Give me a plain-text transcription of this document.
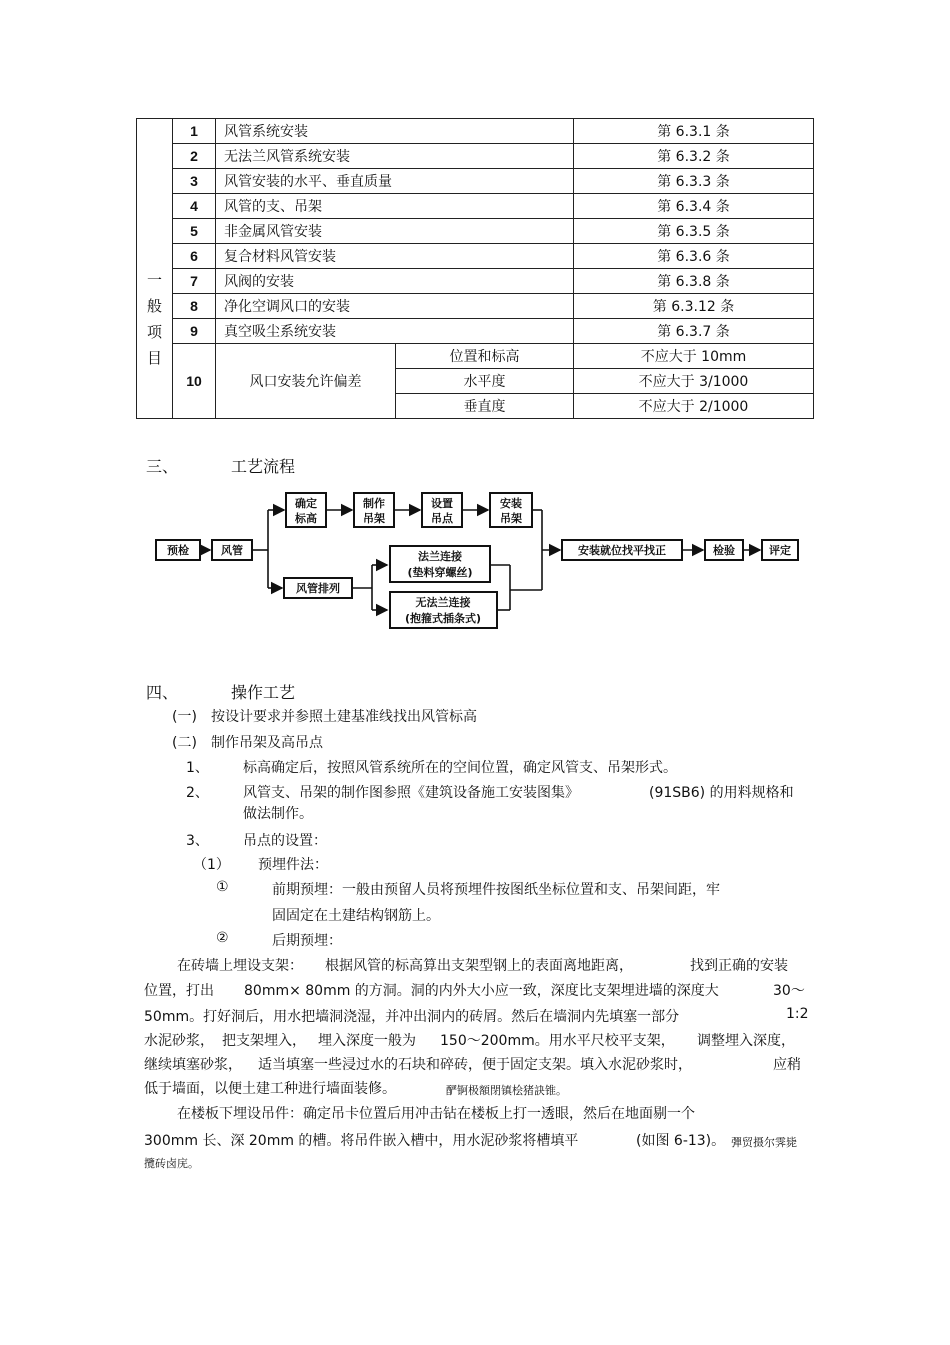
一
般
项
目	1	风管系统安装		第 6.3.1 条
	2	无法兰风管系统安装		第 6.3.2 条
	3	风管安装的水平、垂直质量		第 6.3.3 条
	4	风管的支、吊架		第 6.3.4 条
	5	非金属风管安装		第 6.3.5 条
	6	复合材料风管安装		第 6.3.6 条
	7	风阀的安装		第 6.3.8 条
	8	净化空调风口的安装		第 6.3.12 条
	9	真空吸尘系统安装		第 6.3.7 条
	10	风口安装允许偏差	位置和标高	不应大于 10mm
			水平度	不应大于 3/1000
			垂直度	不应大于 2/1000
三、	工艺流程
预检	风管
确定
标高
制作
吊架
设置
吊点
安装
吊架
风管排列
法兰连接
(垫料穿螺丝)
无法兰连接
(抱箍式插条式)
安装就位找平找正	检验	评定
四、	操作工艺
(一) 按设计要求并参照土建基准线找出风管标高
(二) 制作吊架及高吊点
1、 标高确定后，按照风管系统所在的空间位置，确定风管支、吊架形式。
2、 风管支、吊架的制作图参照《建筑设备施工安装图集》	(91SB6) 的用料规格和
做法制作。
3、 吊点的设置：
（1） 预埋件法：
①	前期预埋：一般由预留人员将预埋件按图纸坐标位置和支、吊架间距，牢
固固定在土建结构钢筋上。
②	后期预埋：
在砖墙上埋设支架： 根据风管的标高算出支架型钢上的表面离地距离，	找到正确的安装
位置，打出 80mm× 80mm 的方洞。洞的内外大小应一致，深度比支架埋进墙的深度大	30～
50mm。打好洞后，用水把墙洞浇湿，并冲出洞内的砖屑。然后在墙洞内先填塞一部分	1:2
水泥砂浆， 把支架埋入， 埋入深度一般为 150～200mm。用水平尺校平支架， 调整埋入深度，
继续填塞砂浆， 适当填塞一些浸过水的石块和碎砖，便于固定支架。填入水泥砂浆时，	应稍
低于墙面，以便土建工种进行墙面装修。	酽锕极額閉镇桧猪訣锥。
在楼板下埋设吊件：确定吊卡位置后用冲击钻在楼板上打一透眼，然后在地面剔一个
300mm 长、深 20mm 的槽。将吊件嵌入槽中，用水泥砂浆将槽填平	(如图 6-13)。 彈贸摄尔霁毙
攬砖卤庑。
